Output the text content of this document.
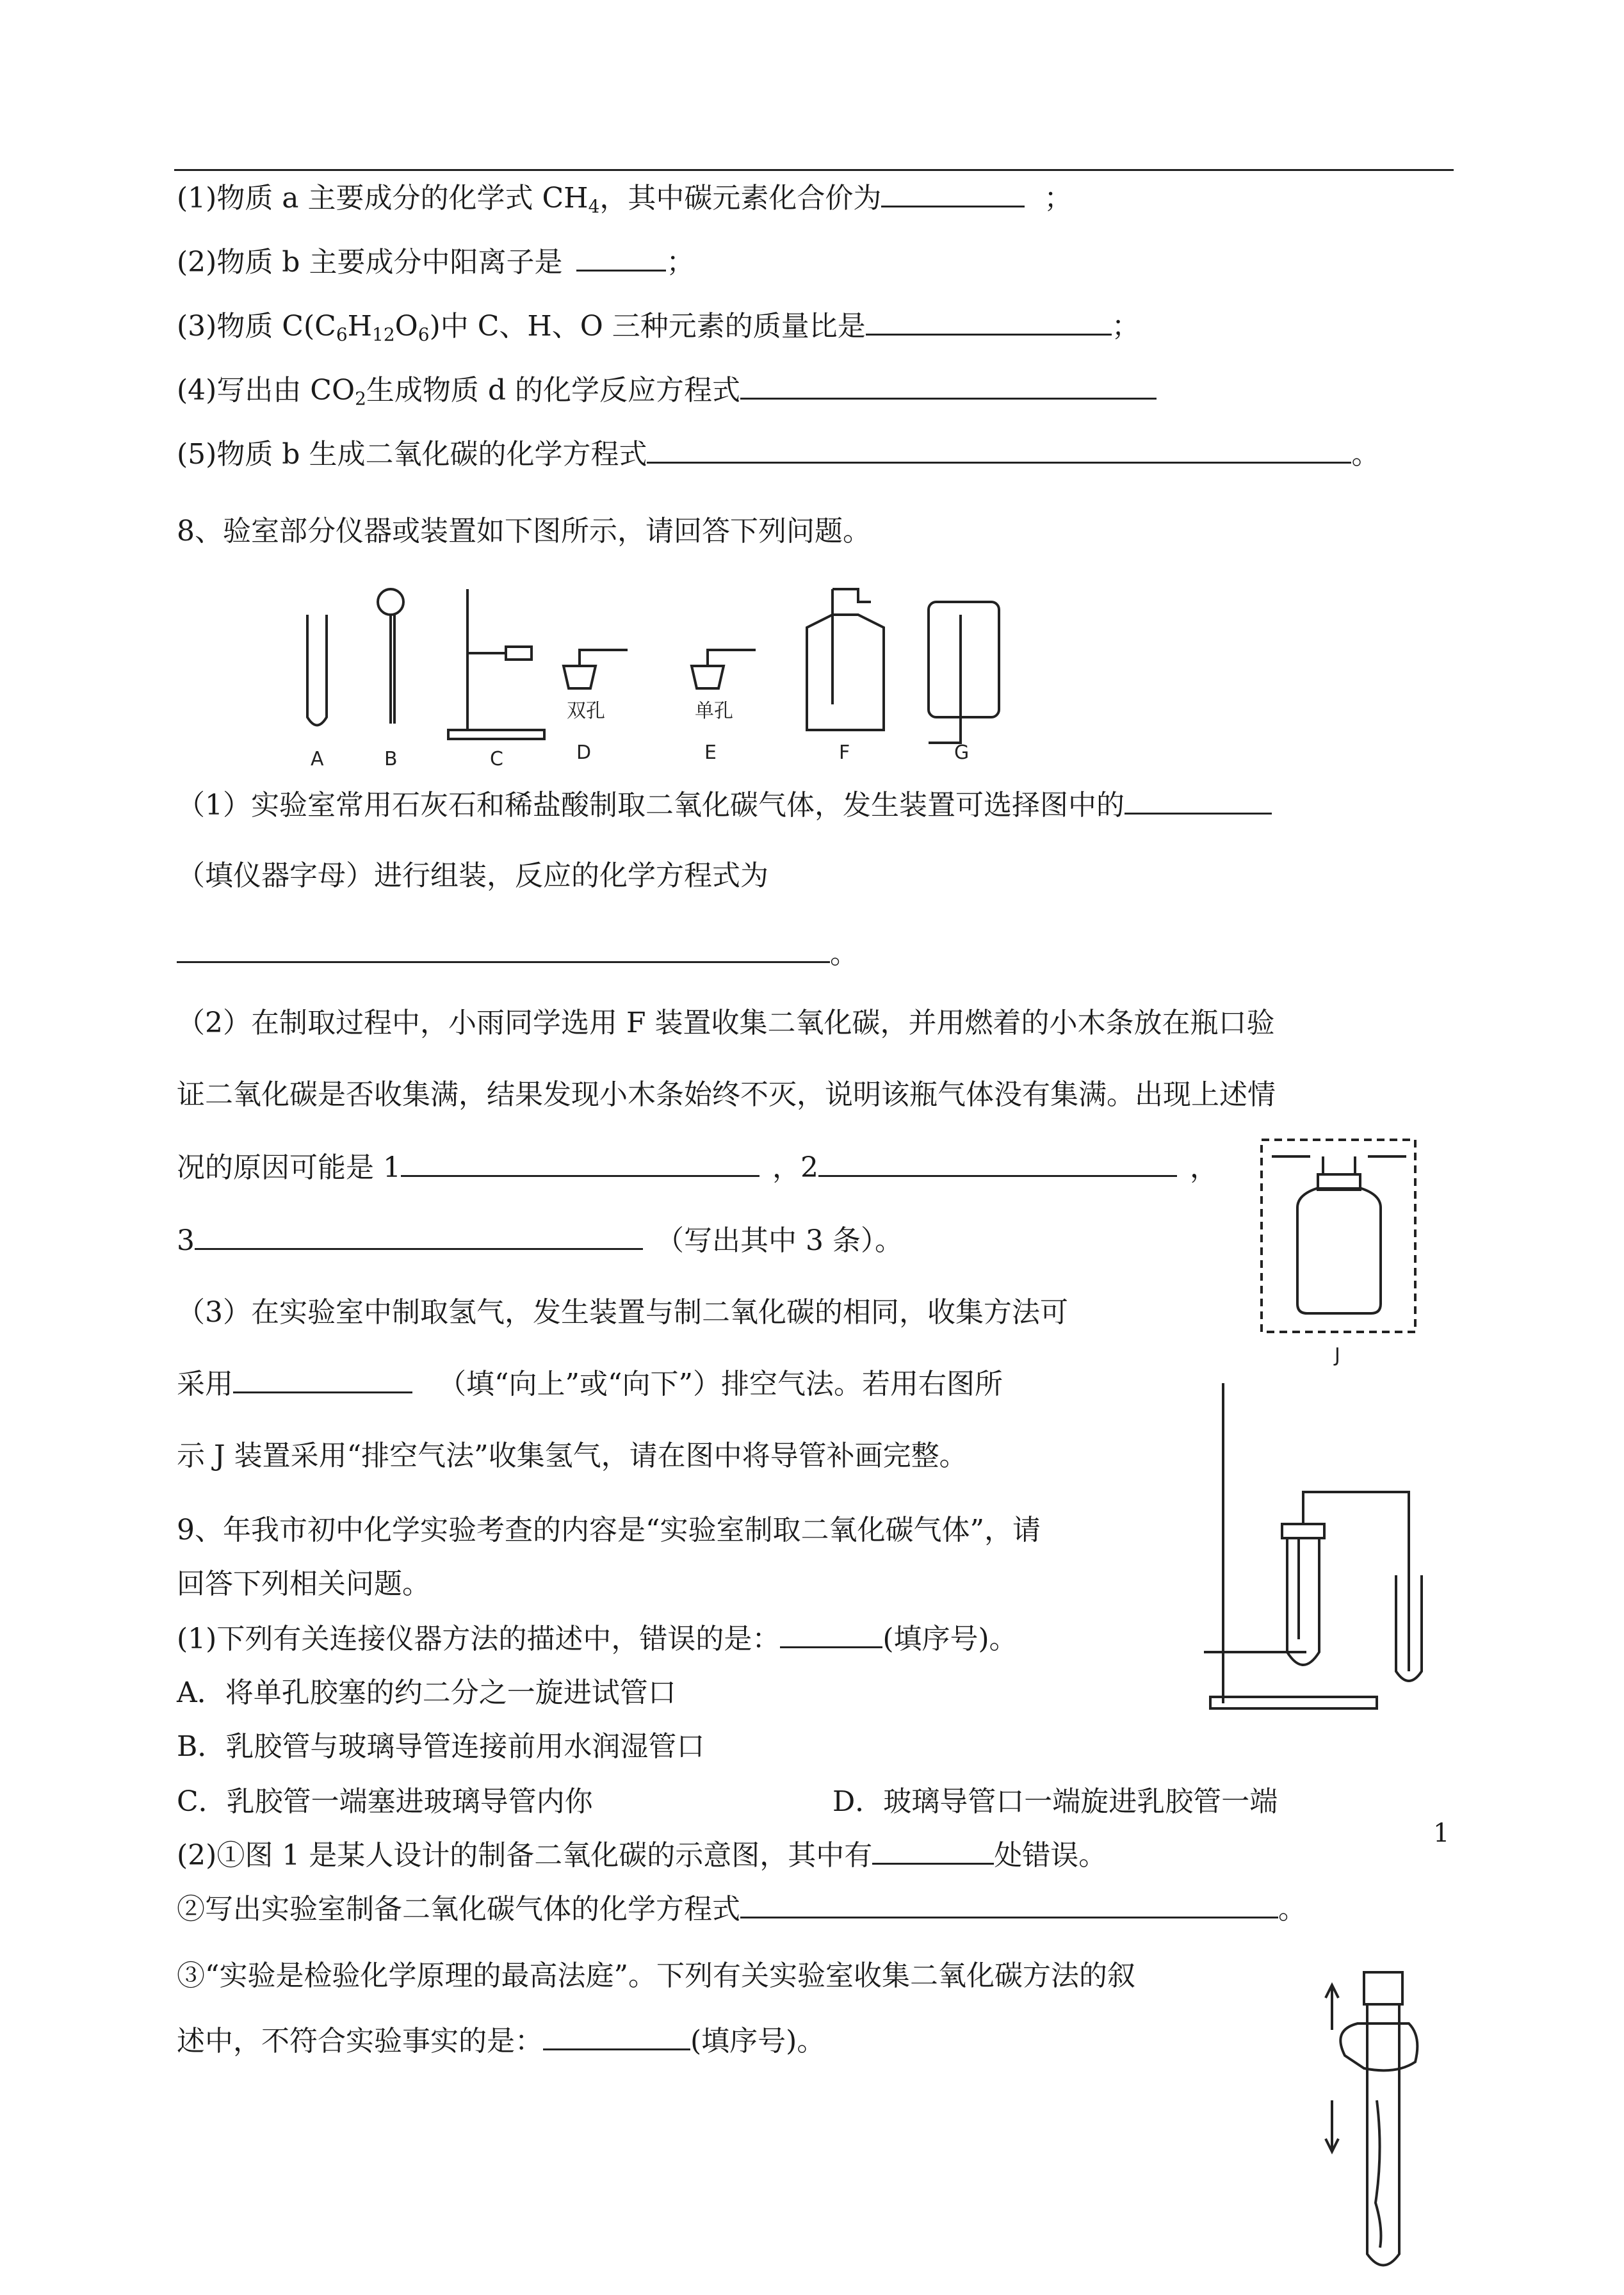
(1)物质 a 主要成分的化学式 $CH_4$，其中碳元素化合价为	；
(2)物质 b 主要成分中阳离子是	；
(3)物质 $C(C_6H_{12}O_6)$中 C、H、O 三种元素的质量比是	；
(4)写出由 $CO_2$生成物质 d 的化学反应方程式
(5)物质 b 生成二氧化碳的化学方程式	。
8、验室部分仪器或装置如下图所示，请回答下列问题。
A	B	C
双孔
D
单孔
E	F	G
（1）实验室常用石灰石和稀盐酸制取二氧化碳气体，发生装置可选择图中的
（填仪器字母）进行组装，反应的化学方程式为
。
（2）在制取过程中，小雨同学选用 F 装置收集二氧化碳，并用燃着的小木条放在瓶口验
证二氧化碳是否收集满，结果发现小木条始终不灭，说明该瓶气体没有集满。出现上述情
况的原因可能是 1	，2	，
3	（写出其中 3 条）。
（3）在实验室中制取氢气，发生装置与制二氧化碳的相同，收集方法可
采用	（填“向上”或“向下”）排空气法。若用右图所
示 J 装置采用“排空气法”收集氢气，请在图中将导管补画完整。
J
9、年我市初中化学实验考查的内容是“实验室制取二氧化碳气体”，请
回答下列相关问题。
(1)下列有关连接仪器方法的描述中，错误的是：	(填序号)。
A．将单孔胶塞的约二分之一旋进试管口
B．乳胶管与玻璃导管连接前用水润湿管口
C．乳胶管一端塞进玻璃导管内你	D．玻璃导管口一端旋进乳胶管一端
(2)①图 1 是某人设计的制备二氧化碳的示意图，其中有	处错误。
②写出实验室制备二氧化碳气体的化学方程式	。
③“实验是检验化学原理的最高法庭”。下列有关实验室收集二氧化碳方法的叙
述中，不符合实验事实的是：	(填序号)。
1
